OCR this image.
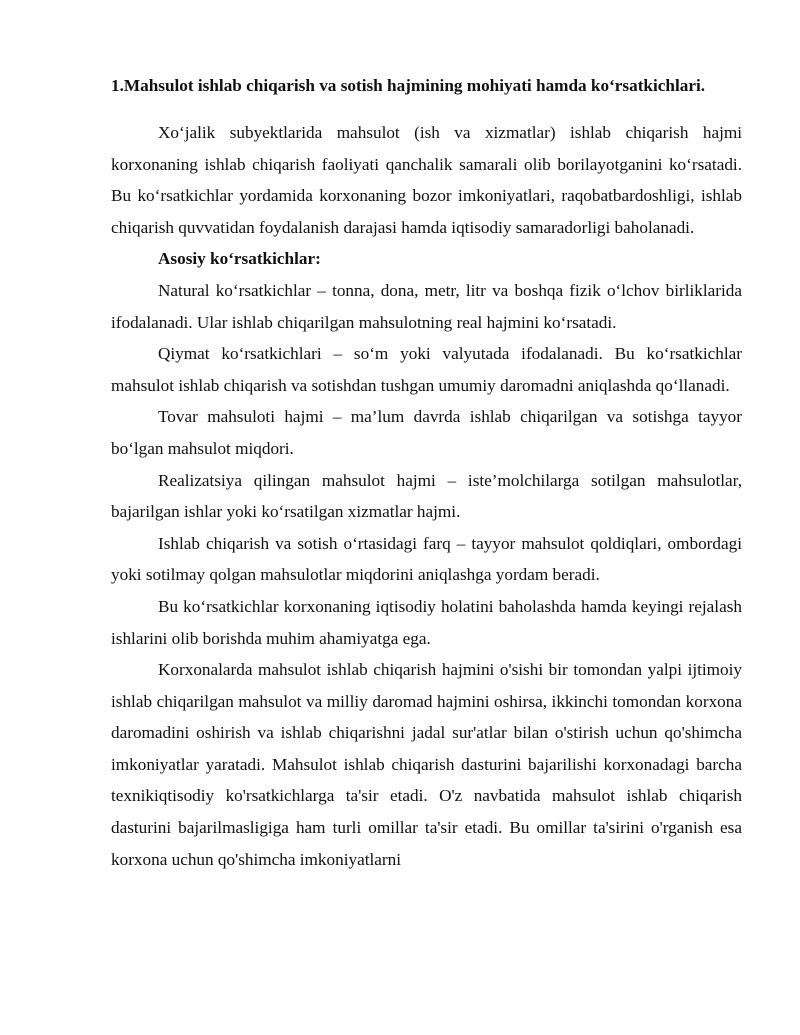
1.Mahsulot ishlab chiqarish va sotish hajmining mohiyati hamda ko‘rsatkichlari.

Xo‘jalik subyektlarida mahsulot (ish va xizmatlar) ishlab chiqarish hajmi korxonaning ishlab chiqarish faoliyati qanchalik samarali olib borilayotganini ko‘rsatadi. Bu ko‘rsatkichlar yordamida korxonaning bozor imkoniyatlari, raqobatbardoshligi, ishlab chiqarish quvvatidan foydalanish darajasi hamda iqtisodiy samaradorligi baholanadi.

Asosiy ko‘rsatkichlar:

Natural ko‘rsatkichlar – tonna, dona, metr, litr va boshqa fizik o‘lchov birliklarida ifodalanadi. Ular ishlab chiqarilgan mahsulotning real hajmini ko‘rsatadi.

Qiymat ko‘rsatkichlari – so‘m yoki valyutada ifodalanadi. Bu ko‘rsatkichlar mahsulot ishlab chiqarish va sotishdan tushgan umumiy daromadni aniqlashda qo‘llanadi.

Tovar mahsuloti hajmi – ma’lum davrda ishlab chiqarilgan va sotishga tayyor bo‘lgan mahsulot miqdori.

Realizatsiya qilingan mahsulot hajmi – iste’molchilarga sotilgan mahsulotlar, bajarilgan ishlar yoki ko‘rsatilgan xizmatlar hajmi.

Ishlab chiqarish va sotish o‘rtasidagi farq – tayyor mahsulot qoldiqlari, ombordagi yoki sotilmay qolgan mahsulotlar miqdorini aniqlashga yordam beradi.

Bu ko‘rsatkichlar korxonaning iqtisodiy holatini baholashda hamda keyingi rejalash ishlarini olib borishda muhim ahamiyatga ega.

Korxonalarda mahsulot ishlab chiqarish hajmini o'sishi bir tomondan yalpi ijtimoiy ishlab chiqarilgan mahsulot va milliy daromad hajmini oshirsa, ikkinchi tomondan korxona daromadini oshirish va ishlab chiqarishni jadal sur'atlar bilan o'stirish uchun qo'shimcha imkoniyatlar yaratadi. Mahsulot ishlab chiqarish dasturini bajarilishi korxonadagi barcha texnikiqtisodiy ko'rsatkichlarga ta'sir etadi. O'z navbatida mahsulot ishlab chiqarish dasturini bajarilmasligiga ham turli omillar ta'sir etadi. Bu omillar ta'sirini o'rganish esa korxona uchun qo'shimcha imkoniyatlarni
